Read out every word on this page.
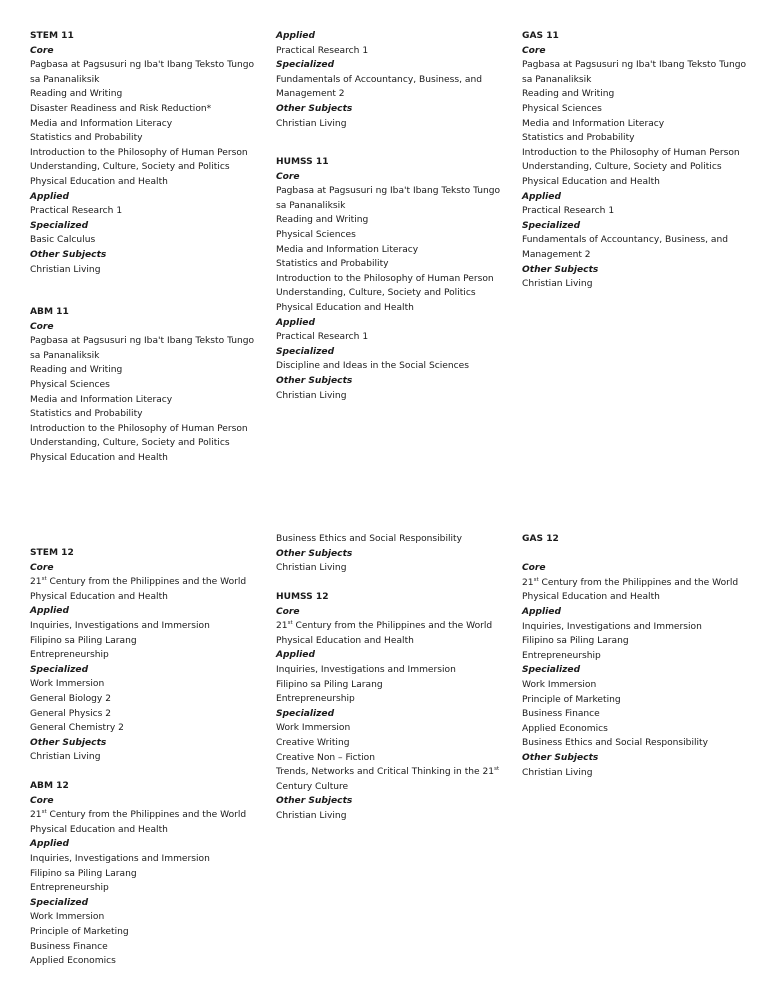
STEM 11
Core
Pagbasa at Pagsusuri ng Iba't Ibang Teksto Tungo
sa Pananaliksik
Reading and Writing
Disaster Readiness and Risk Reduction*
Media and Information Literacy
Statistics and Probability
Introduction to the Philosophy of Human Person
Understanding, Culture, Society and Politics
Physical Education and Health
Applied
Practical Research 1
Specialized
Basic Calculus
Other Subjects
Christian Living
ABM 11
Core
Pagbasa at Pagsusuri ng Iba't Ibang Teksto Tungo
sa Pananaliksik
Reading and Writing
Physical Sciences
Media and Information Literacy
Statistics and Probability
Introduction to the Philosophy of Human Person
Understanding, Culture, Society and Politics
Physical Education and Health
Applied
Practical Research 1
Specialized
Fundamentals of Accountancy, Business, and
Management 2
Other Subjects
Christian Living
HUMSS 11
Core
Pagbasa at Pagsusuri ng Iba't Ibang Teksto Tungo
sa Pananaliksik
Reading and Writing
Physical Sciences
Media and Information Literacy
Statistics and Probability
Introduction to the Philosophy of Human Person
Understanding, Culture, Society and Politics
Physical Education and Health
Applied
Practical Research 1
Specialized
Discipline and Ideas in the Social Sciences
Other Subjects
Christian Living
GAS 11
Core
Pagbasa at Pagsusuri ng Iba't Ibang Teksto Tungo
sa Pananaliksik
Reading and Writing
Physical Sciences
Media and Information Literacy
Statistics and Probability
Introduction to the Philosophy of Human Person
Understanding, Culture, Society and Politics
Physical Education and Health
Applied
Practical Research 1
Specialized
Fundamentals of Accountancy, Business, and
Management 2
Other Subjects
Christian Living
STEM 12
Core
21st Century from the Philippines and the World
Physical Education and Health
Applied
Inquiries, Investigations and Immersion
Filipino sa Piling Larang
Entrepreneurship
Specialized
Work Immersion
General Biology 2
General Physics 2
General Chemistry 2
Other Subjects
Christian Living
ABM 12
Core
21st Century from the Philippines and the World
Physical Education and Health
Applied
Inquiries, Investigations and Immersion
Filipino sa Piling Larang
Entrepreneurship
Specialized
Work Immersion
Principle of Marketing
Business Finance
Applied Economics
Business Ethics and Social Responsibility
Other Subjects
Christian Living
HUMSS 12
Core
21st Century from the Philippines and the World
Physical Education and Health
Applied
Inquiries, Investigations and Immersion
Filipino sa Piling Larang
Entrepreneurship
Specialized
Work Immersion
Creative Writing
Creative Non – Fiction
Trends, Networks and Critical Thinking in the 21st
Century Culture
Other Subjects
Christian Living
GAS 12
Core
21st Century from the Philippines and the World
Physical Education and Health
Applied
Inquiries, Investigations and Immersion
Filipino sa Piling Larang
Entrepreneurship
Specialized
Work Immersion
Principle of Marketing
Business Finance
Applied Economics
Business Ethics and Social Responsibility
Other Subjects
Christian Living
